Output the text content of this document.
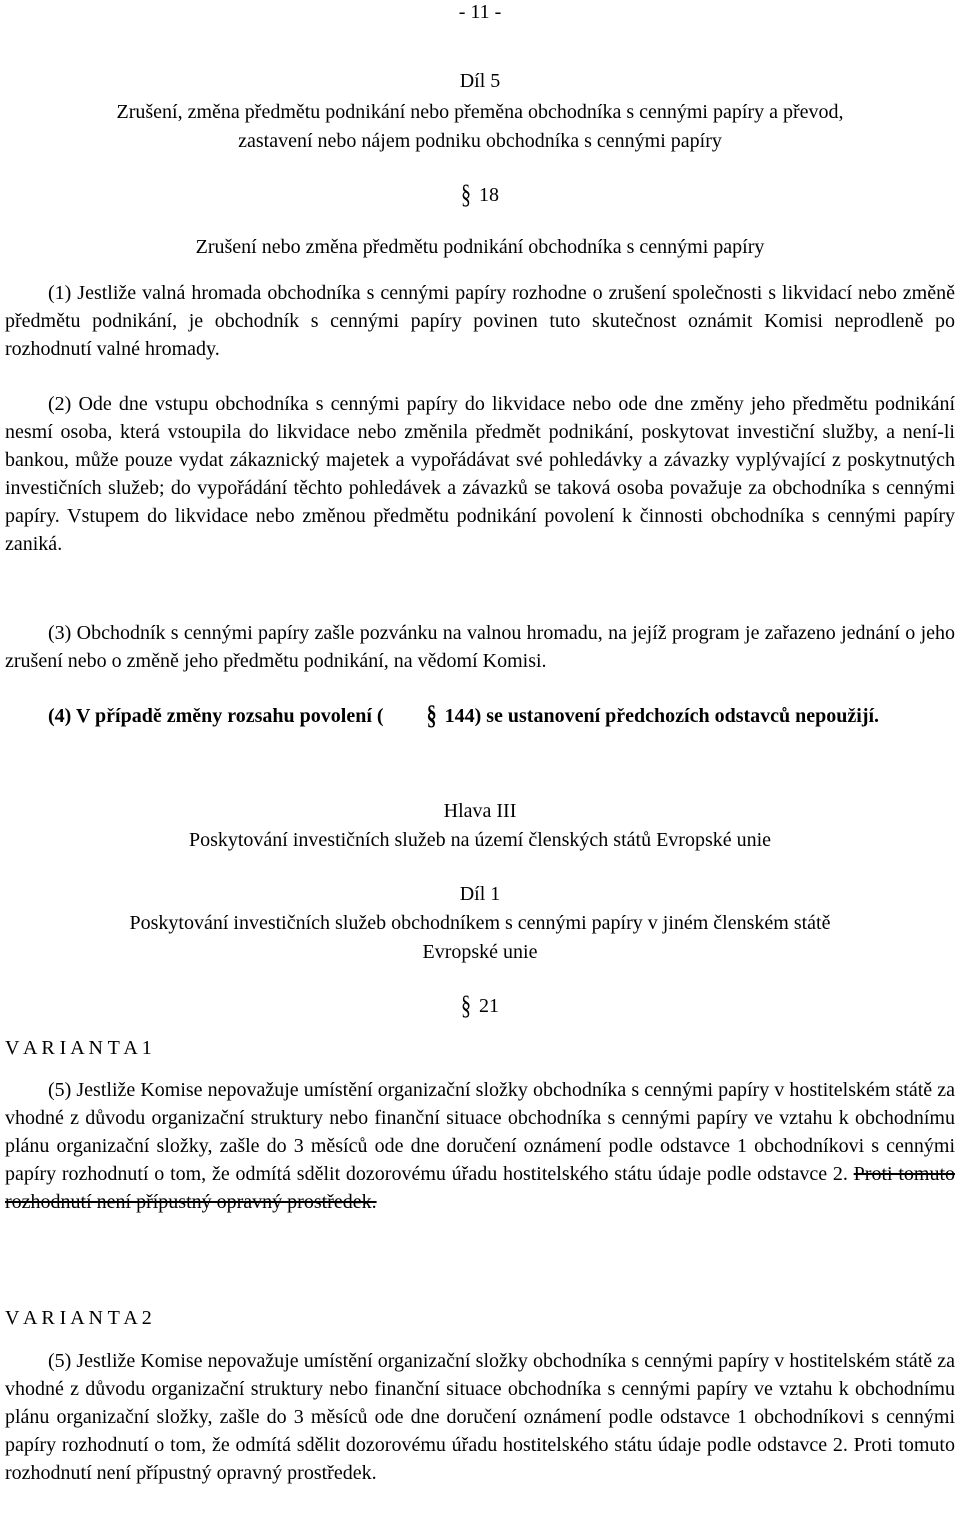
- 11 -
Díl 5
Zrušení, změna předmětu podnikání nebo přeměna obchodníka s cennými papíry a převod,
zastavení nebo nájem podniku obchodníka s cennými papíry
§ 18
Zrušení nebo změna předmětu podnikání obchodníka s cennými papíry

(1) Jestliže valná hromada obchodníka s cennými papíry rozhodne o zrušení společnosti s likvidací nebo změně předmětu podnikání, je obchodník s cennými papíry povinen tuto skutečnost oznámit Komisi neprodleně po rozhodnutí valné hromady.

(2) Ode dne vstupu obchodníka s cennými papíry do likvidace nebo ode dne změny jeho předmětu podnikání nesmí osoba, která vstoupila do likvidace nebo změnila předmět podnikání, poskytovat investiční služby, a není-li bankou, může pouze vydat zákaznický majetek a vypořádávat své pohledávky a závazky vyplývající z poskytnutých investičních služeb; do vypořádání těchto pohledávek a závazků se taková osoba považuje za obchodníka s cennými papíry. Vstupem do likvidace nebo změnou předmětu podnikání povolení k činnosti obchodníka s cennými papíry zaniká.

(3) Obchodník s cennými papíry zašle pozvánku na valnou hromadu, na jejíž program je zařazeno jednání o jeho zrušení nebo o změně jeho předmětu podnikání, na vědomí Komisi.

(4) V případě změny rozsahu povolení ( § 144) se ustanovení předchozích odstavců nepoužijí.

Hlava III
Poskytování investičních služeb na území členských států Evropské unie
Díl 1
Poskytování investičních služeb obchodníkem s cennými papíry v jiném členském státě
Evropské unie
§ 21
V A R I A N T A 1

(5) Jestliže Komise nepovažuje umístění organizační složky obchodníka s cennými papíry v hostitelském státě za vhodné z důvodu organizační struktury nebo finanční situace obchodníka s cennými papíry ve vztahu k obchodnímu plánu organizační složky, zašle do 3 měsíců ode dne doručení oznámení podle odstavce 1 obchodníkovi s cennými papíry rozhodnutí o tom, že odmítá sdělit dozorovému úřadu hostitelského státu údaje podle odstavce 2. Proti tomuto rozhodnutí není přípustný opravný prostředek.

V A R I A N T A 2

(5) Jestliže Komise nepovažuje umístění organizační složky obchodníka s cennými papíry v hostitelském státě za vhodné z důvodu organizační struktury nebo finanční situace obchodníka s cennými papíry ve vztahu k obchodnímu plánu organizační složky, zašle do 3 měsíců ode dne doručení oznámení podle odstavce 1 obchodníkovi s cennými papíry rozhodnutí o tom, že odmítá sdělit dozorovému úřadu hostitelského státu údaje podle odstavce 2. Proti tomuto rozhodnutí není přípustný opravný prostředek.
